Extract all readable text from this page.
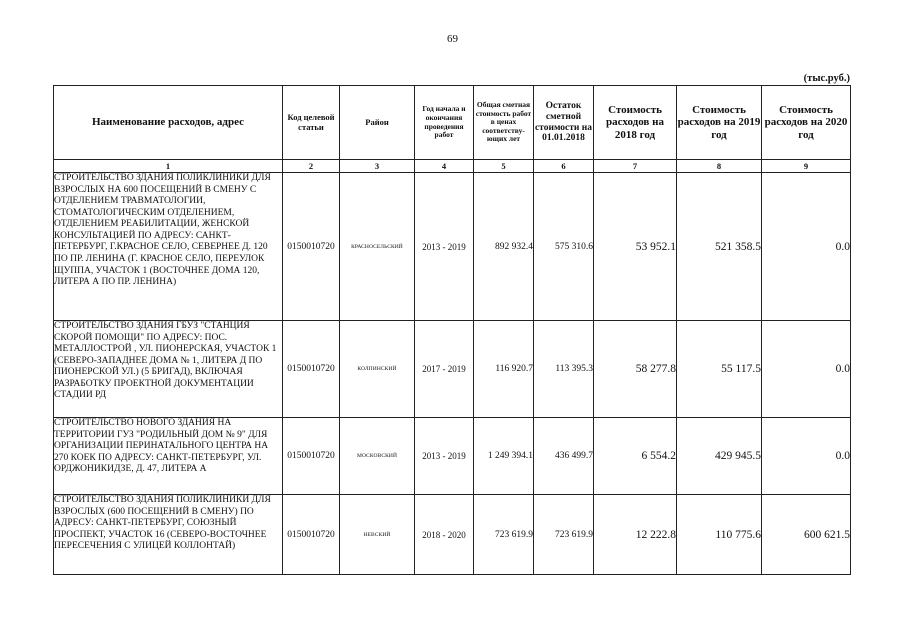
69
(тыс.руб.)
Наименование расходов, адрес	Код целевой статьи	Район	Год начала и окончания проведения работ	Общая сметная стоимость работ в ценах соответству-ющих лет	Остаток сметной стоимости на 01.01.2018	Стоимость расходов на 2018 год	Стоимость расходов на 2019 год	Стоимость расходов на 2020 год
1	2	3	4	5	6	7	8	9
СТРОИТЕЛЬСТВО ЗДАНИЯ ПОЛИКЛИНИКИ ДЛЯ ВЗРОСЛЫХ НА 600 ПОСЕЩЕНИЙ В СМЕНУ С ОТДЕЛЕНИЕМ ТРАВМАТОЛОГИИ, СТОМАТОЛОГИЧЕСКИМ ОТДЕЛЕНИЕМ, ОТДЕЛЕНИЕМ РЕАБИЛИТАЦИИ, ЖЕНСКОЙ КОНСУЛЬТАЦИЕЙ ПО АДРЕСУ: САНКТ-ПЕТЕРБУРГ, Г.КРАСНОЕ СЕЛО, СЕВЕРНЕЕ Д. 120 ПО ПР. ЛЕНИНА (Г. КРАСНОЕ СЕЛО, ПЕРЕУЛОК ЩУППА, УЧАСТОК 1 (ВОСТОЧНЕЕ ДОМА 120, ЛИТЕРА А ПО ПР. ЛЕНИНА)	0150010720	КРАСНОСЕЛЬСКИЙ	2013 - 2019	892 932.4	575 310.6	53 952.1	521 358.5	0.0
СТРОИТЕЛЬСТВО ЗДАНИЯ ГБУЗ "СТАНЦИЯ СКОРОЙ ПОМОЩИ" ПО АДРЕСУ: ПОС. МЕТАЛЛОСТРОЙ , УЛ. ПИОНЕРСКАЯ, УЧАСТОК 1 (СЕВЕРО-ЗАПАДНЕЕ ДОМА № 1, ЛИТЕРА Д ПО ПИОНЕРСКОЙ УЛ.) (5 БРИГАД), ВКЛЮЧАЯ РАЗРАБОТКУ ПРОЕКТНОЙ ДОКУМЕНТАЦИИ СТАДИИ РД	0150010720	КОЛПИНСКИЙ	2017 - 2019	116 920.7	113 395.3	58 277.8	55 117.5	0.0
СТРОИТЕЛЬСТВО НОВОГО ЗДАНИЯ НА ТЕРРИТОРИИ ГУЗ "РОДИЛЬНЫЙ ДОМ № 9" ДЛЯ ОРГАНИЗАЦИИ ПЕРИНАТАЛЬНОГО ЦЕНТРА НА 270 КОЕК ПО АДРЕСУ: САНКТ-ПЕТЕРБУРГ, УЛ. ОРДЖОНИКИДЗЕ, Д. 47, ЛИТЕРА А	0150010720	МОСКОВСКИЙ	2013 - 2019	1 249 394.1	436 499.7	6 554.2	429 945.5	0.0
СТРОИТЕЛЬСТВО ЗДАНИЯ ПОЛИКЛИНИКИ ДЛЯ ВЗРОСЛЫХ (600 ПОСЕЩЕНИЙ В СМЕНУ) ПО АДРЕСУ: САНКТ-ПЕТЕРБУРГ, СОЮЗНЫЙ ПРОСПЕКТ, УЧАСТОК 16 (СЕВЕРО-ВОСТОЧНЕЕ ПЕРЕСЕЧЕНИЯ С УЛИЦЕЙ КОЛЛОНТАЙ)	0150010720	НЕВСКИЙ	2018 - 2020	723 619.9	723 619.9	12 222.8	110 775.6	600 621.5
